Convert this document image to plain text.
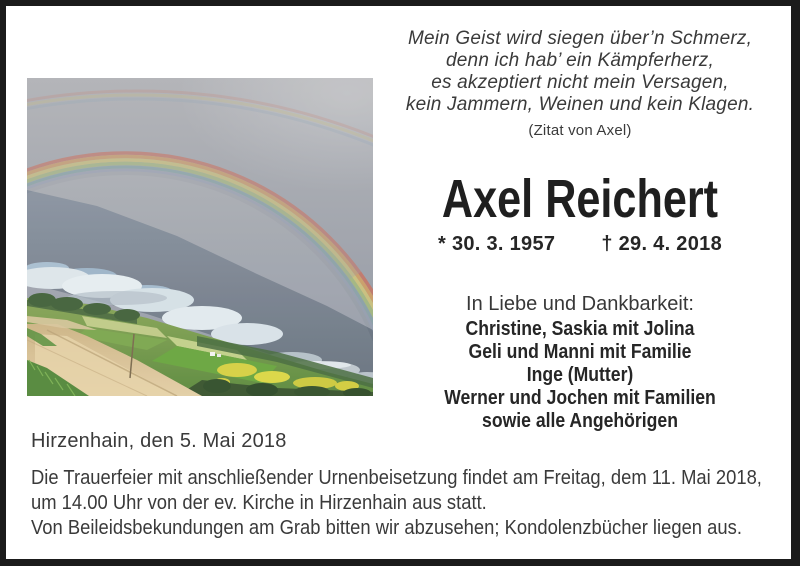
Mein Geist wird siegen über’n Schmerz,
denn ich hab’ ein Kämpferherz,
es akzeptiert nicht mein Versagen,
kein Jammern, Weinen und kein Klagen.
(Zitat von Axel)
Axel Reichert
* 30. 3. 1957 † 29. 4. 2018
In Liebe und Dankbarkeit:
Christine, Saskia mit Jolina
Geli und Manni mit Familie
Inge (Mutter)
Werner und Jochen mit Familien
sowie alle Angehörigen
Hirzenhain, den 5. Mai 2018
Die Trauerfeier mit anschließender Urnenbeisetzung findet am Freitag, dem 11. Mai 2018,
um 14.00 Uhr von der ev. Kirche in Hirzenhain aus statt.
Von Beileidsbekundungen am Grab bitten wir abzusehen; Kondolenzbücher liegen aus.
